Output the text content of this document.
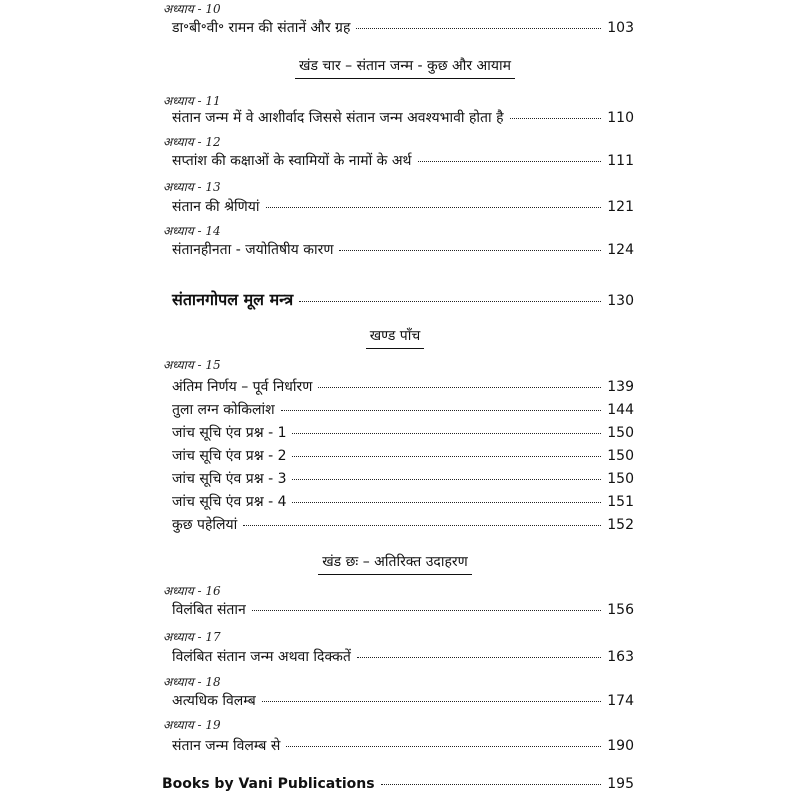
अध्याय - 10
डा॰बी॰वी॰ रामन की संतानें और ग्रह	103
खंड चार – संतान जन्म - कुछ और आयाम
अध्याय - 11
संतान जन्म में वे आशीर्वाद जिससे संतान जन्म अवश्यभावी होता है	110
अध्याय - 12
सप्तांश की कक्षाओं के स्वामियों के नामों के अर्थ	111
अध्याय - 13
संतान की श्रेणियां	121
अध्याय - 14
संतानहीनता - जयोतिषीय कारण	124
संतानगोपल मूल मन्त्र	130
खण्ड पाँच
अध्याय - 15
अंतिम निर्णय – पूर्व निर्धारण	139
तुला लग्न कोकिलांश	144
जांच सूचि एंव प्रश्न - 1	150
जांच सूचि एंव प्रश्न - 2	150
जांच सूचि एंव प्रश्न - 3	150
जांच सूचि एंव प्रश्न - 4	151
कुछ पहेलियां	152
खंड छः – अतिरिक्त उदाहरण
अध्याय - 16
विलंबित संतान	156
अध्याय - 17
विलंबित संतान जन्म अथवा दिक्कतें	163
अध्याय - 18
अत्यधिक विलम्ब	174
अध्याय - 19
संतान जन्म विलम्ब से	190
Books by Vani Publications	195
